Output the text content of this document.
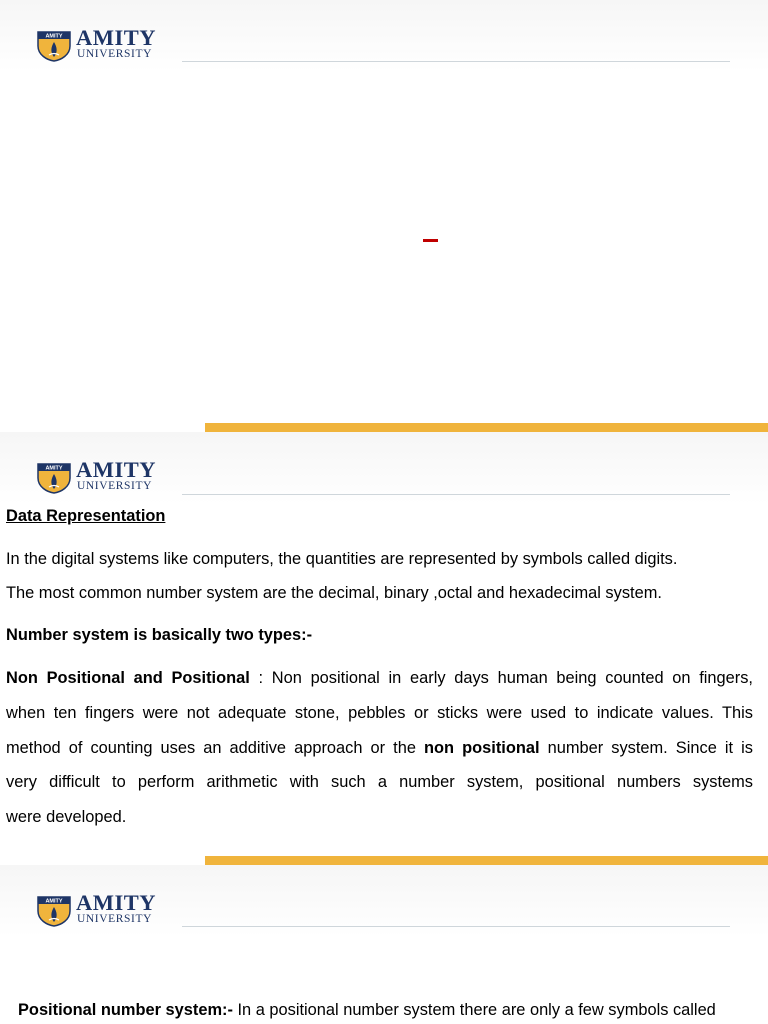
AMITY AMITY
UNIVERSITY
AMITY AMITY
UNIVERSITY

Data Representation

In the digital systems like computers, the quantities are represented by symbols called digits.

The most common number system are the decimal, binary ,octal and hexadecimal system.

Number system is basically two types:-

Non Positional and Positional : Non positional in early days human being counted on fingers,

when ten fingers were not adequate stone, pebbles or sticks were used to indicate values. This

method of counting uses an additive approach or the non positional number system. Since it is

very difficult to perform arithmetic with such a number system, positional numbers systems

were developed.

AMITY AMITY
UNIVERSITY

Positional number system:- In a positional number system there are only a few symbols called
